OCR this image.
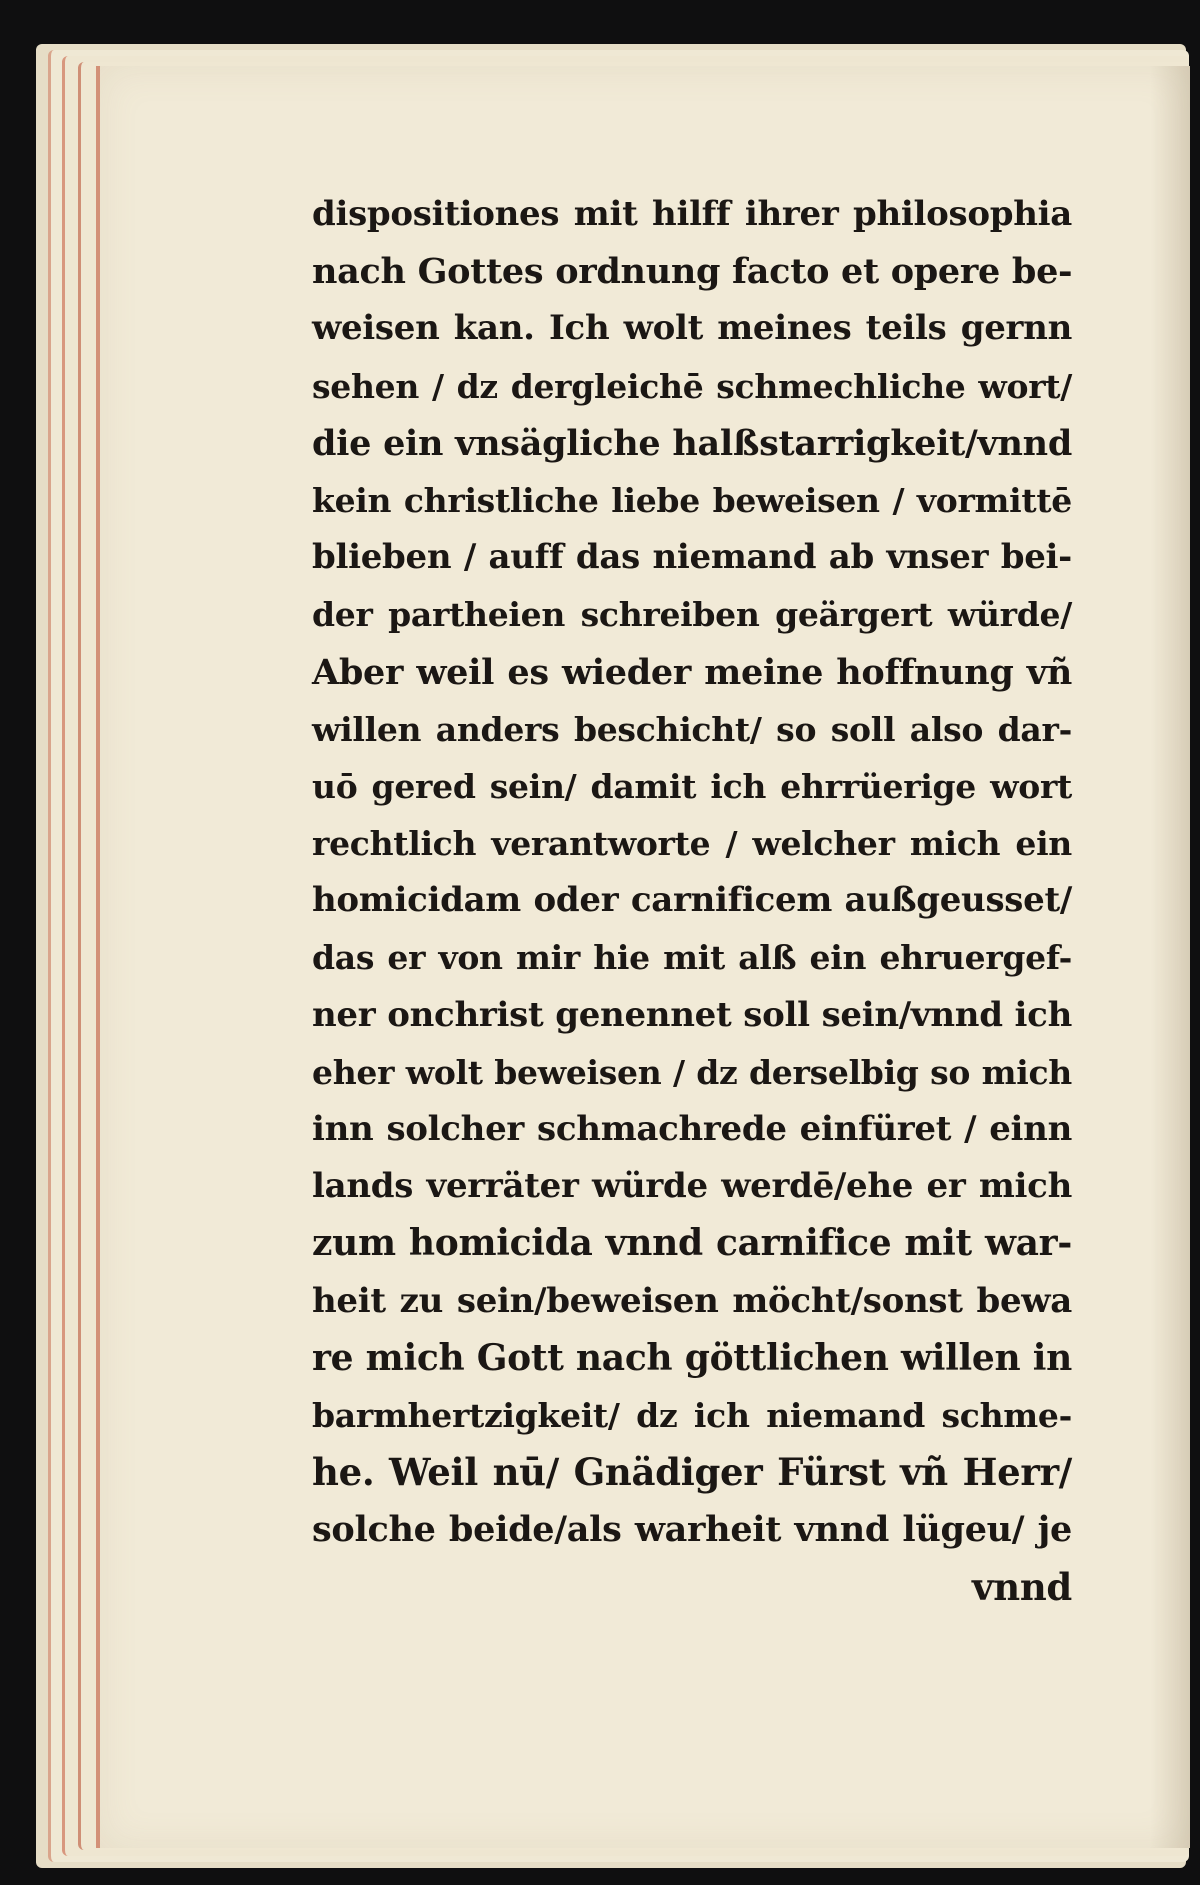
dispositiones mit hilff ihrer philosophia
nach Gottes ordnung facto et opere be-
weisen kan. Ich wolt meines teils gernn
sehen / dz dergleichē schmechliche wort/
die ein vnsägliche halßstarrigkeit/vnnd
kein christliche liebe beweisen / vormittē
blieben / auff das niemand ab vnser bei-
der partheien schreiben geärgert würde/
Aber weil es wieder meine hoffnung vñ
willen anders beschicht/ so soll also dar-
uō gered sein/ damit ich ehrrüerige wort
rechtlich verantworte / welcher mich ein
homicidam oder carnificem außgeusset/
das er von mir hie mit alß ein ehruergef-
ner onchrist genennet soll sein/vnnd ich
eher wolt beweisen / dz derselbig so mich
inn solcher schmachrede einfüret / einn
lands verräter würde werdē/ehe er mich
zum homicida vnnd carnifice mit war-
heit zu sein/beweisen möcht/sonst bewa
re mich Gott nach göttlichen willen in
barmhertzigkeit/ dz ich niemand schme-
he. Weil nū/ Gnädiger Fürst vñ Herr/
solche beide/als warheit vnnd lügeu/ je
vnnd
